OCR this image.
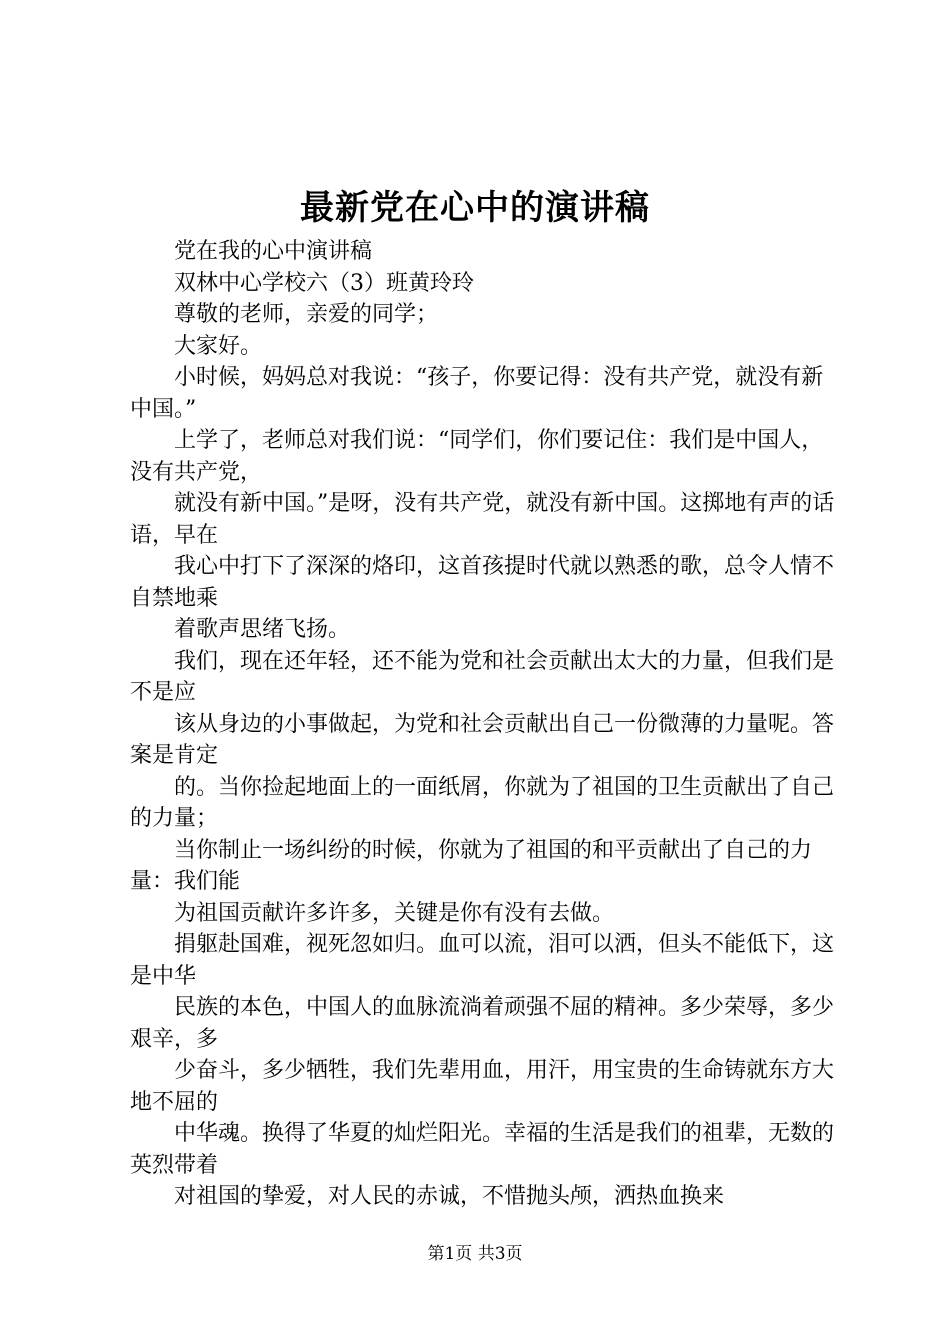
最新党在心中的演讲稿

党在我的心中演讲稿

双林中心学校六（3）班黄玲玲

尊敬的老师，亲爱的同学；

大家好。

小时候，妈妈总对我说：“孩子，你要记得：没有共产党，就没有新中国。”

上学了，老师总对我们说：“同学们，你们要记住：我们是中国人，没有共产党，

就没有新中国。”是呀，没有共产党，就没有新中国。这掷地有声的话语，早在

我心中打下了深深的烙印，这首孩提时代就以熟悉的歌，总令人情不自禁地乘

着歌声思绪飞扬。

我们，现在还年轻，还不能为党和社会贡献出太大的力量，但我们是不是应

该从身边的小事做起，为党和社会贡献出自己一份微薄的力量呢。答案是肯定

的。当你捡起地面上的一面纸屑，你就为了祖国的卫生贡献出了自己的力量；

当你制止一场纠纷的时候，你就为了祖国的和平贡献出了自己的力量：我们能

为祖国贡献许多许多，关键是你有没有去做。

捐躯赴国难，视死忽如归。血可以流，泪可以洒，但头不能低下，这是中华

民族的本色，中国人的血脉流淌着顽强不屈的精神。多少荣辱，多少艰辛，多

少奋斗，多少牺牲，我们先辈用血，用汗，用宝贵的生命铸就东方大地不屈的

中华魂。换得了华夏的灿烂阳光。幸福的生活是我们的祖辈，无数的英烈带着

对祖国的挚爱，对人民的赤诚，不惜抛头颅，洒热血换来

第1页 共3页
